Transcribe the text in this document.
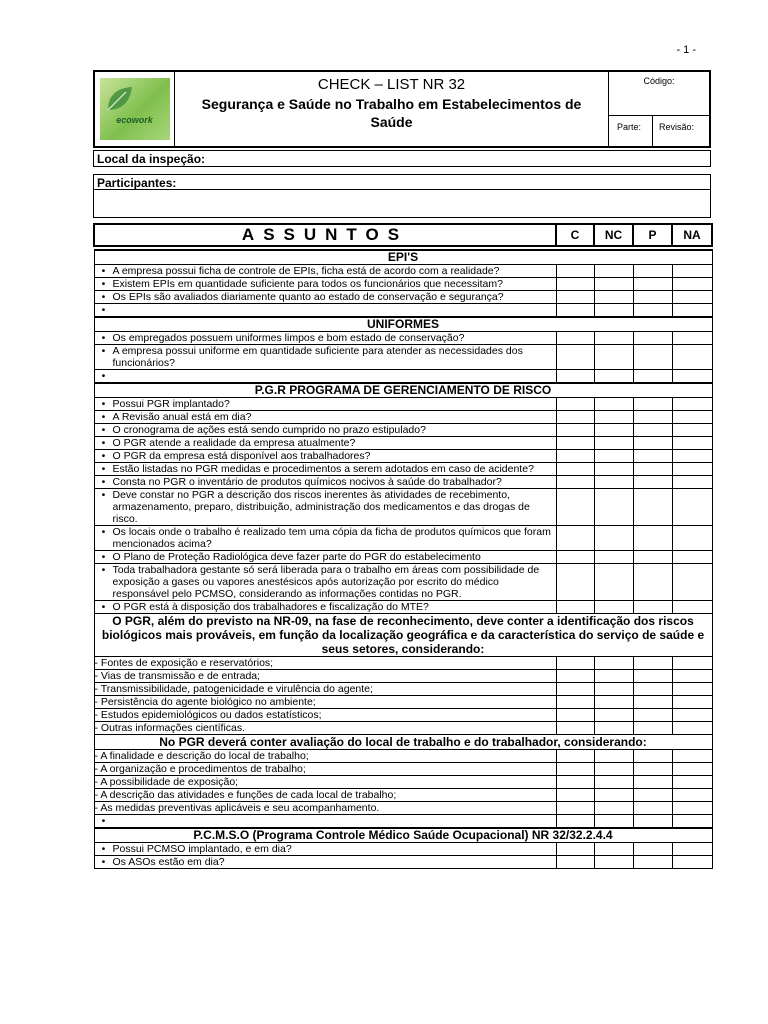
- 1 -
ecowork
CHECK – LIST NR 32
Segurança e Saúde no Trabalho em Estabelecimentos de Saúde
Código:
Parte:	Revisão:
Local da inspeção:
Participantes:
ASSUNTOS	C	NC	P	NA

EPI'S				

• A empresa possui ficha de controle de EPIs, ficha está de acordo com a realidade?				

• Existem EPIs em quantidade suficiente para todos os funcionários que necessitam?				

• Os EPIs são avaliados diariamente quanto ao estado de conservação e segurança?				

•				

UNIFORMES				

• Os empregados possuem uniformes limpos e bom estado de conservação?				

• A empresa possui uniforme em quantidade suficiente para atender as necessidades dos funcionários?				

•				

P.G.R PROGRAMA DE GERENCIAMENTO DE RISCO				

• Possui PGR implantado?				

• A Revisão anual está em dia?				

• O cronograma de ações está sendo cumprido no prazo estipulado?				

• O PGR atende a realidade da empresa atualmente?				

• O PGR da empresa está disponível aos trabalhadores?				

• Estão listadas no PGR medidas e procedimentos a serem adotados em caso de acidente?				

• Consta no PGR o inventário de produtos químicos nocivos à saúde do trabalhador?				

• Deve constar no PGR a descrição dos riscos inerentes às atividades de recebimento, armazenamento, preparo, distribuição, administração dos medicamentos e das drogas de risco.				

• Os locais onde o trabalho é realizado tem uma cópia da ficha de produtos químicos que foram mencionados acima?				

• O Plano de Proteção Radiológica deve fazer parte do PGR do estabelecimento				

• Toda trabalhadora gestante só será liberada para o trabalho em áreas com possibilidade de exposição a gases ou vapores anestésicos após autorização por escrito do médico responsável pelo PCMSO, considerando as informações contidas no PGR.				

• O PGR está à disposição dos trabalhadores e fiscalização do MTE?				

O PGR, além do previsto na NR-09, na fase de reconhecimento, deve conter a identificação dos riscos biológicos mais prováveis, em função da localização geográfica e da característica do serviço de saúde e seus setores, considerando:				
- Fontes de exposição e reservatórios;				
- Vias de transmissão e de entrada;				
- Transmissibilidade, patogenicidade e virulência do agente;				
- Persistência do agente biológico no ambiente;				
- Estudos epidemiológicos ou dados estatísticos;				
- Outras informações científicas.				
No PGR deverá conter avaliação do local de trabalho e do trabalhador, considerando:				
- A finalidade e descrição do local de trabalho;				
- A organização e procedimentos de trabalho;				
- A possibilidade de exposição;				
- A descrição das atividades e funções de cada local de trabalho;				
- As medidas preventivas aplicáveis e seu acompanhamento.				

•				

P.C.M.S.O (Programa Controle Médico Saúde Ocupacional) NR 32/32.2.4.4				

• Possui PCMSO implantado, e em dia?				

• Os ASOs estão em dia?				
